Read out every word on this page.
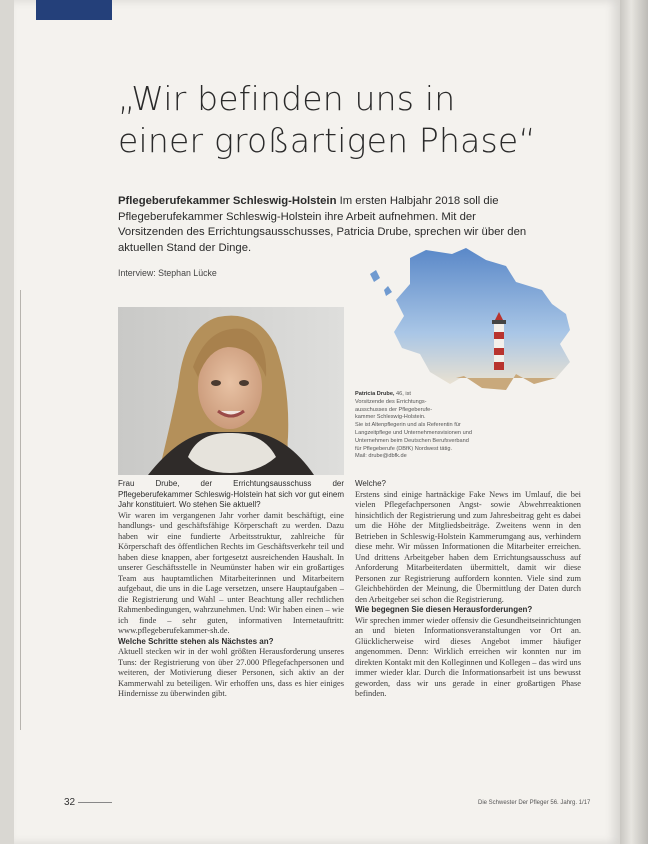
„Wir befinden uns in
einer großartigen Phase“
Pflegeberufekammer Schleswig-Holstein Im ersten Halbjahr 2018 soll die Pflegeberufekammer Schleswig-Holstein ihre Arbeit aufnehmen. Mit der Vorsitzenden des Errichtungsausschusses, Patricia Drube, sprechen wir über den aktuellen Stand der Dinge.
Interview: Stephan Lücke
Patricia Drube, 46, ist
Vorsitzende des Errichtungs-
ausschusses der Pflegeberufe-
kammer Schleswig-Holstein.
Sie ist Altenpflegerin und als Referentin für
Langzeitpflege und Unternehmensvisionen und
Unternehmen beim Deutschen Berufsverband
für Pflegeberufe (DBfK) Nordwest tätig.
Mail: drube@dbfk.de

Frau Drube, der Errichtungsausschuss der Pflegeberufekammer Schleswig-Holstein hat sich vor gut einem Jahr konstituiert. Wo stehen Sie aktuell?

Wir waren im vergangenen Jahr vorher damit beschäftigt, eine handlungs- und geschäftsfähige Körperschaft zu werden. Dazu haben wir eine fundierte Arbeitsstruktur, zahlreiche für Körperschaft des öffentlichen Rechts im Geschäftsverkehr teil und haben diese knappen, aber fortgesetzt ausreichenden Haushalt. In unserer Geschäftsstelle in Neumünster haben wir ein großartiges Team aus hauptamtlichen Mitarbeiterinnen und Mitarbeitern aufgebaut, die uns in die Lage versetzen, unsere Hauptaufgaben – die Registrierung und Wahl – unter Beachtung aller rechtlichen Rahmenbedingungen, wahrzunehmen. Und: Wir haben einen – wie ich finde – sehr guten, informativen Internetauftritt: www.pflegeberufekammer-sh.de.

Welche Schritte stehen als Nächstes an?

Aktuell stecken wir in der wohl größten Herausforderung unseres Tuns: der Registrierung von über 27.000 Pflegefachpersonen und weiteren, der Motivierung dieser Personen, sich aktiv an der Kammerwahl zu beteiligen. Wir erhoffen uns, dass es hier einiges Hindernisse zu überwinden gibt.

Welche?

Erstens sind einige hartnäckige Fake News im Umlauf, die bei vielen Pflegefachpersonen Angst- sowie Abwehrreaktionen hinsichtlich der Registrierung und zum Jahresbeitrag geht es dabei um die Höhe der Mitgliedsbeiträge. Zweitens wenn in den Betrieben in Schleswig-Holstein Kammerumgang aus, verhindern diese mehr. Wir müssen Informationen die Mitarbeiter erreichen. Und drittens Arbeitgeber haben dem Errichtungsausschuss auf Anforderung Mitarbeiterdaten übermittelt, damit wir diese Personen zur Registrierung auffordern konnten. Viele sind zum Gleichbehörden der Meinung, die Übermittlung der Daten durch den Arbeitgeber sei schon die Registrierung.

Wie begegnen Sie diesen Herausforderungen?

Wir sprechen immer wieder offensiv die Gesundheitseinrichtungen an und bieten Informationsveranstaltungen vor Ort an. Glücklicherweise wird dieses Angebot immer häufiger angenommen. Denn: Wirklich erreichen wir konnten nur im direkten Kontakt mit den Kolleginnen und Kollegen – das wird uns immer wieder klar. Durch die Informationsarbeit ist uns bewusst geworden, dass wir uns gerade in einer großartigen Phase befinden.

32	Die Schwester Der Pfleger 56. Jahrg. 1/17
